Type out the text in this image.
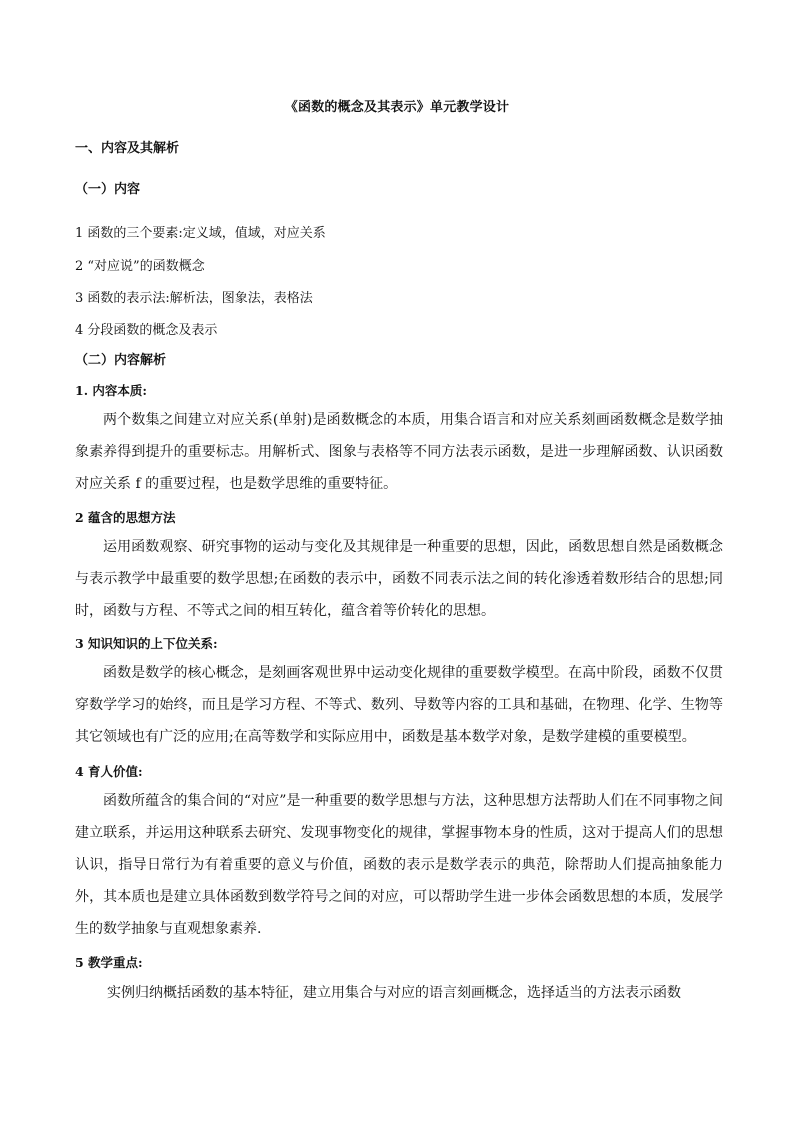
《函数的概念及其表示》单元教学设计
一、内容及其解析
（一）内容
1 函数的三个要素:定义域，值域，对应关系
2 “对应说”的函数概念
3 函数的表示法:解析法，图象法，表格法
4 分段函数的概念及表示
（二）内容解析
1. 内容本质:

两个数集之间建立对应关系(单射)是函数概念的本质，用集合语言和对应关系刻画函数概念是数学抽象素养得到提升的重要标志。用解析式、图象与表格等不同方法表示函数，是进一步理解函数、认识函数对应关系 f 的重要过程，也是数学思维的重要特征。

2 蕴含的思想方法

运用函数观察、研究事物的运动与变化及其规律是一种重要的思想，因此，函数思想自然是函数概念与表示教学中最重要的数学思想;在函数的表示中，函数不同表示法之间的转化渗透着数形结合的思想;同时，函数与方程、不等式之间的相互转化，蕴含着等价转化的思想。

3 知识知识的上下位关系:

函数是数学的核心概念，是刻画客观世界中运动变化规律的重要数学模型。在高中阶段，函数不仅贯穿数学学习的始终，而且是学习方程、不等式、数列、导数等内容的工具和基础，在物理、化学、生物等其它领域也有广泛的应用;在高等数学和实际应用中，函数是基本数学对象，是数学建模的重要模型。

4 育人价值:

函数所蕴含的集合间的“对应”是一种重要的数学思想与方法，这种思想方法帮助人们在不同事物之间建立联系，并运用这种联系去研究、发现事物变化的规律，掌握事物本身的性质，这对于提高人们的思想认识，指导日常行为有着重要的意义与价值，函数的表示是数学表示的典范，除帮助人们提高抽象能力外，其本质也是建立具体函数到数学符号之间的对应，可以帮助学生进一步体会函数思想的本质，发展学生的数学抽象与直观想象素养.

5 教学重点:

实例归纳概括函数的基本特征，建立用集合与对应的语言刻画概念，选择适当的方法表示函数
